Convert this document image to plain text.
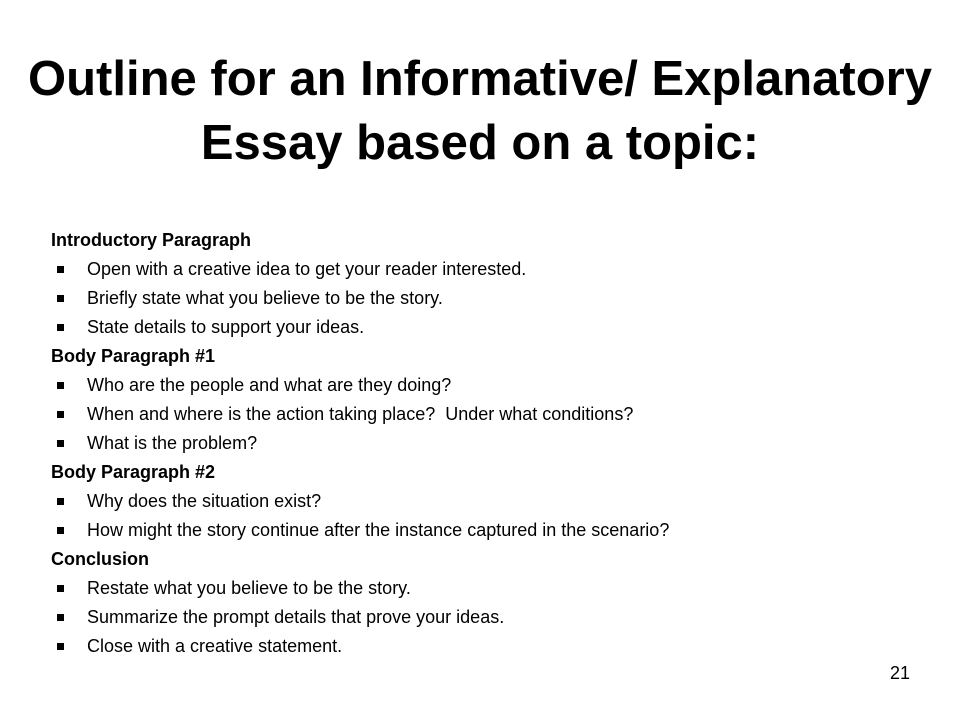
Outline for an Informative/ Explanatory Essay based on a topic:
Introductory Paragraph
Open with a creative idea to get your reader interested.
Briefly state what you believe to be the story.
State details to support your ideas.
Body Paragraph #1
Who are the people and what are they doing?
When and where is the action taking place?  Under what conditions?
What is the problem?
Body Paragraph #2
Why does the situation exist?
How might the story continue after the instance captured in the scenario?
Conclusion
Restate what you believe to be the story.
Summarize the prompt details that prove your ideas.
Close with a creative statement.
21
